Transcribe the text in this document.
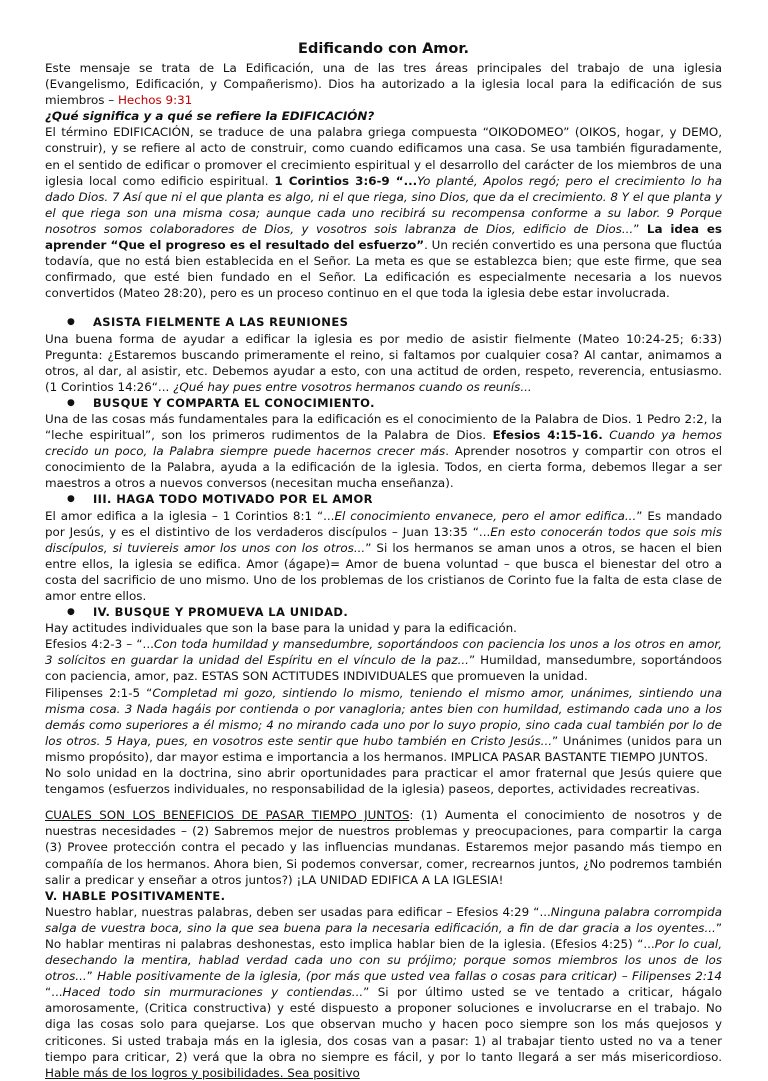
Edificando con Amor.

Este mensaje se trata de La Edificación, una de las tres áreas principales del trabajo de una iglesia (Evangelismo, Edificación, y Compañerismo). Dios ha autorizado a la iglesia local para la edificación de sus miembros – Hechos 9:31

¿Qué significa y a qué se refiere la EDIFICACIÓN?

El término EDIFICACIÓN, se traduce de una palabra griega compuesta “OIKODOMEO” (OIKOS, hogar, y DEMO, construir), y se refiere al acto de construir, como cuando edificamos una casa. Se usa también figuradamente, en el sentido de edificar o promover el crecimiento espiritual y el desarrollo del carácter de los miembros de una iglesia local como edificio espiritual. 1 Corintios 3:6-9 “...Yo planté, Apolos regó; pero el crecimiento lo ha dado Dios. 7 Así que ni el que planta es algo, ni el que riega, sino Dios, que da el crecimiento. 8 Y el que planta y el que riega son una misma cosa; aunque cada uno recibirá su recompensa conforme a su labor. 9 Porque nosotros somos colaboradores de Dios, y vosotros sois labranza de Dios, edificio de Dios...” La idea es aprender “Que el progreso es el resultado del esfuerzo”. Un recién convertido es una persona que fluctúa todavía, que no está bien establecida en el Señor. La meta es que se establezca bien; que este firme, que sea confirmado, que esté bien fundado en el Señor. La edificación es especialmente necesaria a los nuevos convertidos (Mateo 28:20), pero es un proceso continuo en el que toda la iglesia debe estar involucrada.

● ASISTA FIELMENTE A LAS REUNIONES

Una buena forma de ayudar a edificar la iglesia es por medio de asistir fielmente (Mateo 10:24-25; 6:33) Pregunta: ¿Estaremos buscando primeramente el reino, si faltamos por cualquier cosa? Al cantar, animamos a otros, al dar, al asistir, etc. Debemos ayudar a esto, con una actitud de orden, respeto, reverencia, entusiasmo. (1 Corintios 14:26“... ¿Qué hay pues entre vosotros hermanos cuando os reunís...

● BUSQUE Y COMPARTA EL CONOCIMIENTO.

Una de las cosas más fundamentales para la edificación es el conocimiento de la Palabra de Dios. 1 Pedro 2:2, la “leche espiritual”, son los primeros rudimentos de la Palabra de Dios. Efesios 4:15-16. Cuando ya hemos crecido un poco, la Palabra siempre puede hacernos crecer más. Aprender nosotros y compartir con otros el conocimiento de la Palabra, ayuda a la edificación de la iglesia. Todos, en cierta forma, debemos llegar a ser maestros a otros a nuevos conversos (necesitan mucha enseñanza).

● III. HAGA TODO MOTIVADO POR EL AMOR

El amor edifica a la iglesia – 1 Corintios 8:1 “...El conocimiento envanece, pero el amor edifica...” Es mandado por Jesús, y es el distintivo de los verdaderos discípulos – Juan 13:35 “...En esto conocerán todos que sois mis discípulos, si tuviereis amor los unos con los otros...” Si los hermanos se aman unos a otros, se hacen el bien entre ellos, la iglesia se edifica. Amor (ágape)= Amor de buena voluntad – que busca el bienestar del otro a costa del sacrificio de uno mismo. Uno de los problemas de los cristianos de Corinto fue la falta de esta clase de amor entre ellos.

● IV. BUSQUE Y PROMUEVA LA UNIDAD.

Hay actitudes individuales que son la base para la unidad y para la edificación.

Efesios 4:2-3 – “...Con toda humildad y mansedumbre, soportándoos con paciencia los unos a los otros en amor, 3 solícitos en guardar la unidad del Espíritu en el vínculo de la paz...” Humildad, mansedumbre, soportándoos con paciencia, amor, paz. ESTAS SON ACTITUDES INDIVIDUALES que promueven la unidad.

Filipenses 2:1-5 “Completad mi gozo, sintiendo lo mismo, teniendo el mismo amor, unánimes, sintiendo una misma cosa. 3 Nada hagáis por contienda o por vanagloria; antes bien con humildad, estimando cada uno a los demás como superiores a él mismo; 4 no mirando cada uno por lo suyo propio, sino cada cual también por lo de los otros. 5 Haya, pues, en vosotros este sentir que hubo también en Cristo Jesús...” Unánimes (unidos para un mismo propósito), dar mayor estima e importancia a los hermanos. IMPLICA PASAR BASTANTE TIEMPO JUNTOS.

No solo unidad en la doctrina, sino abrir oportunidades para practicar el amor fraternal que Jesús quiere que tengamos (esfuerzos individuales, no responsabilidad de la iglesia) paseos, deportes, actividades recreativas.

CUALES SON LOS BENEFICIOS DE PASAR TIEMPO JUNTOS: (1) Aumenta el conocimiento de nosotros y de nuestras necesidades – (2) Sabremos mejor de nuestros problemas y preocupaciones, para compartir la carga (3) Provee protección contra el pecado y las influencias mundanas. Estaremos mejor pasando más tiempo en compañía de los hermanos. Ahora bien, Si podemos conversar, comer, recrearnos juntos, ¿No podremos también salir a predicar y enseñar a otros juntos?) ¡LA UNIDAD EDIFICA A LA IGLESIA!

V. HABLE POSITIVAMENTE.

Nuestro hablar, nuestras palabras, deben ser usadas para edificar – Efesios 4:29 “...Ninguna palabra corrompida salga de vuestra boca, sino la que sea buena para la necesaria edificación, a fin de dar gracia a los oyentes...” No hablar mentiras ni palabras deshonestas, esto implica hablar bien de la iglesia. (Efesios 4:25) “...Por lo cual, desechando la mentira, hablad verdad cada uno con su prójimo; porque somos miembros los unos de los otros...” Hable positivamente de la iglesia, (por más que usted vea fallas o cosas para criticar) – Filipenses 2:14 “...Haced todo sin murmuraciones y contiendas...” Si por último usted se ve tentado a criticar, hágalo amorosamente, (Critica constructiva) y esté dispuesto a proponer soluciones e involucrarse en el trabajo. No diga las cosas solo para quejarse. Los que observan mucho y hacen poco siempre son los más quejosos y criticones. Si usted trabaja más en la iglesia, dos cosas van a pasar: 1) al trabajar tiento usted no va a tener tiempo para criticar, 2) verá que la obra no siempre es fácil, y por lo tanto llegará a ser más misericordioso. Hable más de los logros y posibilidades. Sea positivo
